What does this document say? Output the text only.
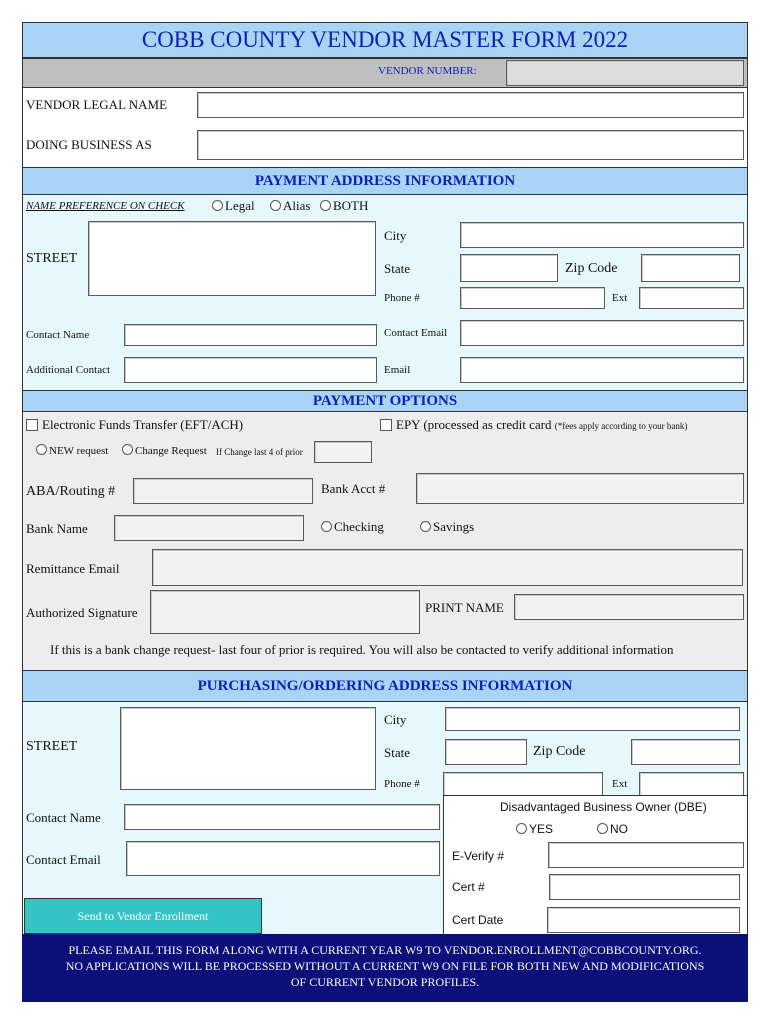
COBB COUNTY VENDOR MASTER FORM 2022
VENDOR NUMBER:
VENDOR LEGAL NAME
DOING BUSINESS AS
PAYMENT ADDRESS INFORMATION
NAME PREFERENCE ON CHECK	Legal	Alias	BOTH
STREET
City
State	Zip Code
Phone #	Ext
Contact Name	Contact Email
Additional Contact	Email
PAYMENT OPTIONS
Electronic Funds Transfer (EFT/ACH)	EPY (processed as credit card (*fees apply according to your bank)
NEW request	Change Request If Change last 4 of prior
ABA/Routing #	Bank Acct #
Bank Name	Checking	Savings
Remittance Email
Authorized Signature	PRINT NAME
If this is a bank change request- last four of prior is required. You will also be contacted to verify additional information
PURCHASING/ORDERING ADDRESS INFORMATION
STREET
City
State	Zip Code
Phone #	Ext
Contact Name
Contact Email
Disadvantaged Business Owner (DBE)
YES	NO
E-Verify #
Cert #
Cert Date
Send to Vendor Enrollment
PLEASE EMAIL THIS FORM ALONG WITH A CURRENT YEAR W9 TO VENDOR.ENROLLMENT@COBBCOUNTY.ORG.
NO APPLICATIONS WILL BE PROCESSED WITHOUT A CURRENT W9 ON FILE FOR BOTH NEW AND MODIFICATIONS
OF CURRENT VENDOR PROFILES.
